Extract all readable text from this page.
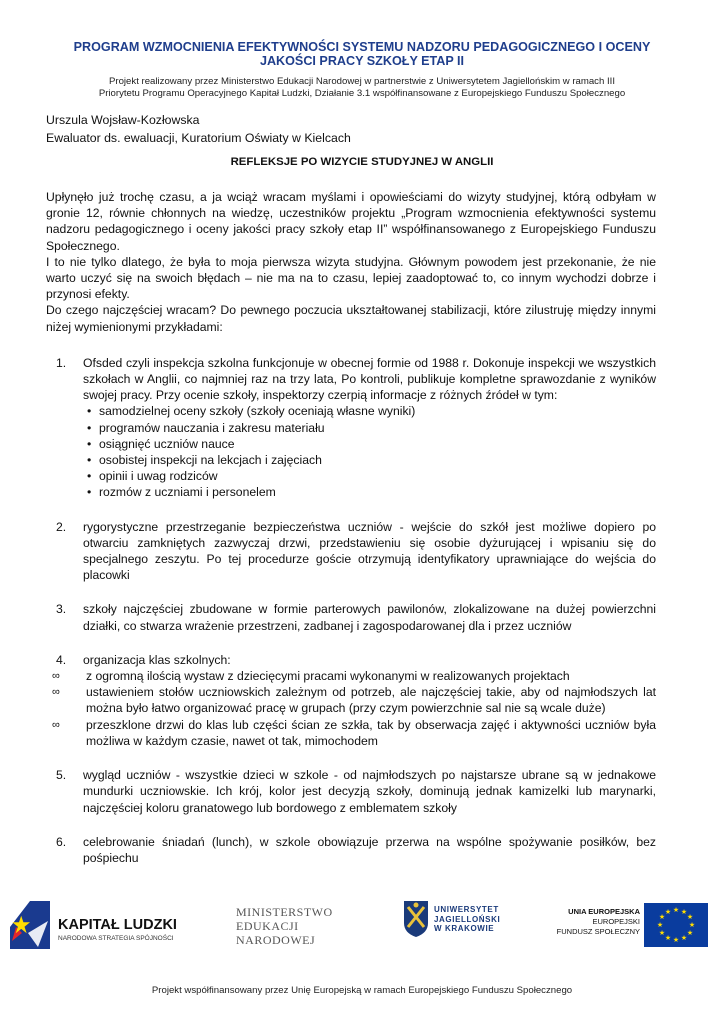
PROGRAM WZMOCNIENIA EFEKTYWNOŚCI SYSTEMU NADZORU PEDAGOGICZNEGO I OCENY
JAKOŚCI PRACY SZKOŁY ETAP II
Projekt realizowany przez Ministerstwo Edukacji Narodowej w partnerstwie z Uniwersytetem Jagiellońskim w ramach III
Priorytetu Programu Operacyjnego Kapitał Ludzki, Działanie 3.1 współfinansowane z Europejskiego Funduszu Społecznego
Urszula Wojsław-Kozłowska
Ewaluator ds. ewaluacji, Kuratorium Oświaty w Kielcach
REFLEKSJE PO WIZYCIE STUDYJNEJ W ANGLII

Upłynęło już trochę czasu, a ja wciąż wracam myślami i opowieściami do wizyty studyjnej, którą odbyłam w gronie 12, równie chłonnych na wiedzę, uczestników projektu „Program wzmocnienia efektywności systemu nadzoru pedagogicznego i oceny jakości pracy szkoły etap II” współfinansowanego z Europejskiego Funduszu Społecznego.

I to nie tylko dlatego, że była to moja pierwsza wizyta studyjna. Głównym powodem jest przekonanie, że nie warto uczyć się na swoich błędach – nie ma na to czasu, lepiej zaadoptować to, co innym wychodzi dobrze i przynosi efekty.

Do czego najczęściej wracam? Do pewnego poczucia ukształtowanej stabilizacji, które zilustruję między innymi niżej wymienionymi przykładami:

1. Ofsded czyli inspekcja szkolna funkcjonuje w obecnej formie od 1988 r. Dokonuje inspekcji we wszystkich szkołach w Anglii, co najmniej raz na trzy lata, Po kontroli, publikuje kompletne sprawozdanie z wyników swojej pracy. Przy ocenie szkoły, inspektorzy czerpią informacje z różnych źródeł w tym:

• samodzielnej oceny szkoły (szkoły oceniają własne wyniki)
• programów nauczania i zakresu materiału
• osiągnięć uczniów nauce
• osobistej inspekcji na lekcjach i zajęciach
• opinii i uwag rodziców
• rozmów z uczniami i personelem
2. rygorystyczne przestrzeganie bezpieczeństwa uczniów - wejście do szkół jest możliwe dopiero po otwarciu zamkniętych zazwyczaj drzwi, przedstawieniu się osobie dyżurującej i wpisaniu się do specjalnego zeszytu. Po tej procedurze goście otrzymują identyfikatory uprawniające do wejścia do placowki

3. szkoły najczęściej zbudowane w formie parterowych pawilonów, zlokalizowane na dużej powierzchni działki, co stwarza wrażenie przestrzeni, zadbanej i zagospodarowanej dla i przez uczniów

4. organizacja klas szkolnych:

∞ z ogromną ilością wystaw z dziecięcymi pracami wykonanymi w realizowanych projektach
∞ ustawieniem stołów uczniowskich zależnym od potrzeb, ale najczęściej takie, aby od najmłodszych lat można było łatwo organizować pracę w grupach (przy czym powierzchnie sal nie są wcale duże)
∞ przeszklone drzwi do klas lub części ścian ze szkła, tak by obserwacja zajęć i aktywności uczniów była możliwa w każdym czasie, nawet ot tak, mimochodem
5. wygląd uczniów - wszystkie dzieci w szkole - od najmłodszych po najstarsze ubrane są w jednakowe mundurki uczniowskie. Ich krój, kolor jest decyzją szkoły, dominują jednak kamizelki lub marynarki, najczęściej koloru granatowego lub bordowego z emblematem szkoły

6. celebrowanie śniadań (lunch), w szkole obowiązuje przerwa na wspólne spożywanie posiłków, bez pośpiechu

KAPITAŁ LUDZKI
NARODOWA STRATEGIA SPÓJNOŚCI
MINISTERSTWO
EDUKACJI
NARODOWEJ
UNIWERSYTET
JAGIELLOŃSKI
W KRAKOWIE
UNIA EUROPEJSKA
EUROPEJSKI
FUNDUSZ SPOŁECZNY
★ ★
★
★
★
★
★
★
★
★
★
★
Projekt współfinansowany przez Unię Europejską w ramach Europejskiego Funduszu Społecznego
